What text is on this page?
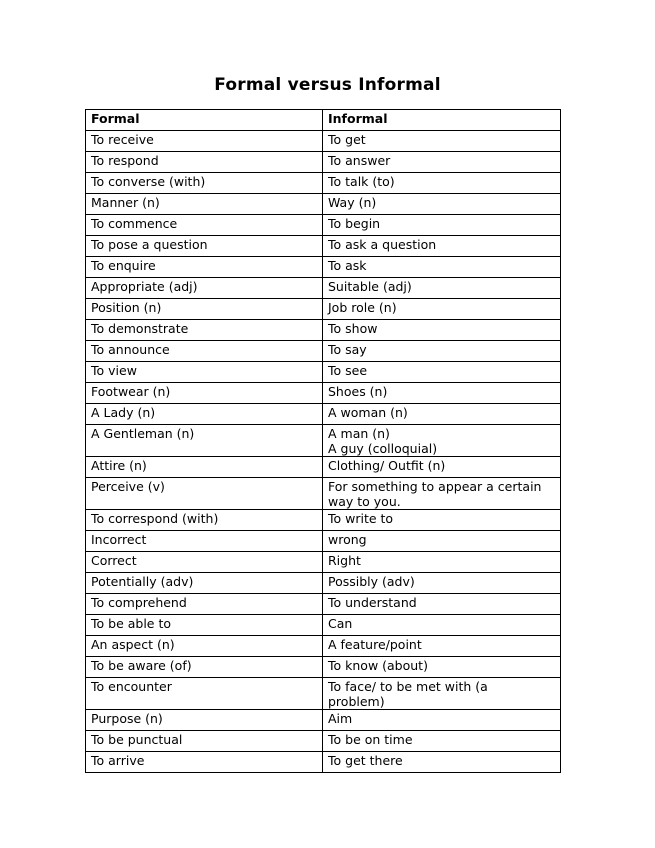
Formal versus Informal
Formal	Informal

To receive	To get

To respond	To answer

To converse (with)	To talk (to)

Manner (n)	Way (n)

To commence	To begin

To pose a question	To ask a question

To enquire	To ask

Appropriate (adj)	Suitable (adj)

Position (n)	Job role (n)

To demonstrate	To show

To announce	To say

To view	To see

Footwear (n)	Shoes (n)

A Lady (n)	A woman (n)

A Gentleman (n)	A man (n)
A guy (colloquial)

Attire (n)	Clothing/ Outfit (n)

Perceive (v)	For something to appear a certain
way to you.

To correspond (with)	To write to

Incorrect	wrong

Correct	Right

Potentially (adv)	Possibly (adv)

To comprehend	To understand

To be able to	Can

An aspect (n)	A feature/point

To be aware (of)	To know (about)

To encounter	To face/ to be met with (a
problem)

Purpose (n)	Aim

To be punctual	To be on time

To arrive	To get there
